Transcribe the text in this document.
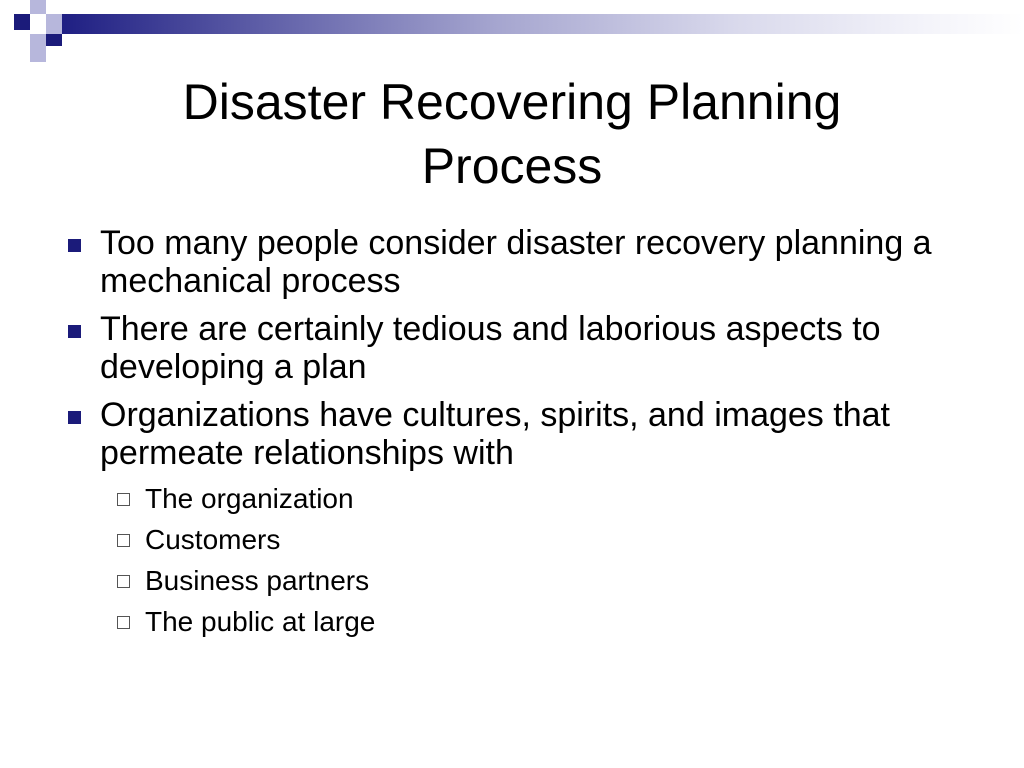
Disaster Recovering Planning
Process
Too many people consider disaster recovery planning a mechanical process
There are certainly tedious and laborious aspects to developing a plan
Organizations have cultures, spirits, and images that permeate relationships with
The organization
Customers
Business partners
The public at large
